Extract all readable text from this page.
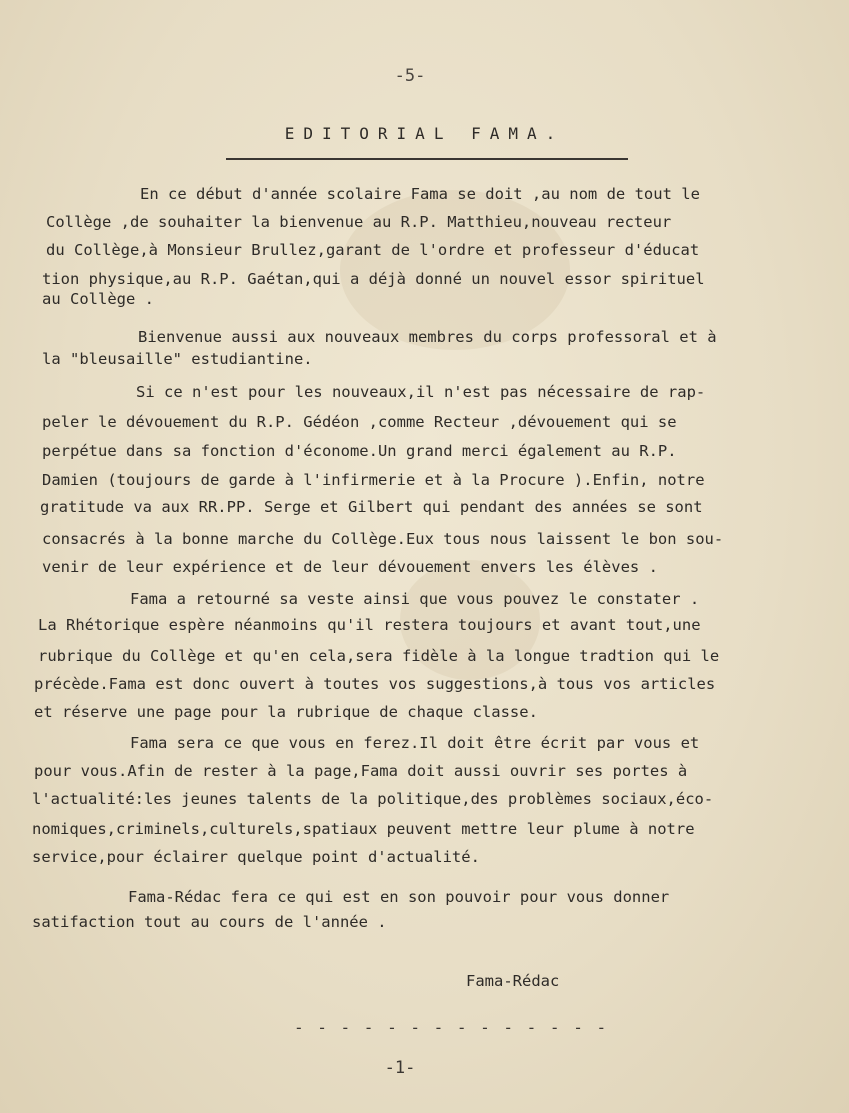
-5-
EDITORIAL FAMA.
En ce début d'année scolaire Fama se doit ,au nom de tout le
Collège ,de souhaiter la bienvenue au R.P. Matthieu,nouveau recteur
du Collège,à Monsieur Brullez,garant de l'ordre et professeur d'éducat
tion physique,au R.P. Gaétan,qui a déjà donné un nouvel essor spirituel
au Collège .
Bienvenue aussi aux nouveaux membres du corps professoral et à
la "bleusaille" estudiantine.
Si ce n'est pour les nouveaux,il n'est pas nécessaire de rap-
peler le dévouement du R.P. Gédéon ,comme Recteur ,dévouement qui se
perpétue dans sa fonction d'économe.Un grand merci également au R.P.
Damien (toujours de garde à l'infirmerie et à la Procure ).Enfin, notre
gratitude va aux RR.PP. Serge et Gilbert qui pendant des années se sont
consacrés à la bonne marche du Collège.Eux tous nous laissent le bon sou-
venir de leur expérience et de leur dévouement envers les élèves .
Fama a retourné sa veste ainsi que vous pouvez le constater .
La Rhétorique espère néanmoins qu'il restera toujours et avant tout,une
rubrique du Collège et qu'en cela,sera fidèle à la longue tradtion qui le
précède.Fama est donc ouvert à toutes vos suggestions,à tous vos articles
et réserve une page pour la rubrique de chaque classe.
Fama sera ce que vous en ferez.Il doit être écrit par vous et
pour vous.Afin de rester à la page,Fama doit aussi ouvrir ses portes à
l'actualité:les jeunes talents de la politique,des problèmes sociaux,éco-
nomiques,criminels,culturels,spatiaux peuvent mettre leur plume à notre
service,pour éclairer quelque point d'actualité.
Fama-Rédac fera ce qui est en son pouvoir pour vous donner
satifaction tout au cours de l'année .
Fama-Rédac
- - - - - - - - - - - - - -
-1-
